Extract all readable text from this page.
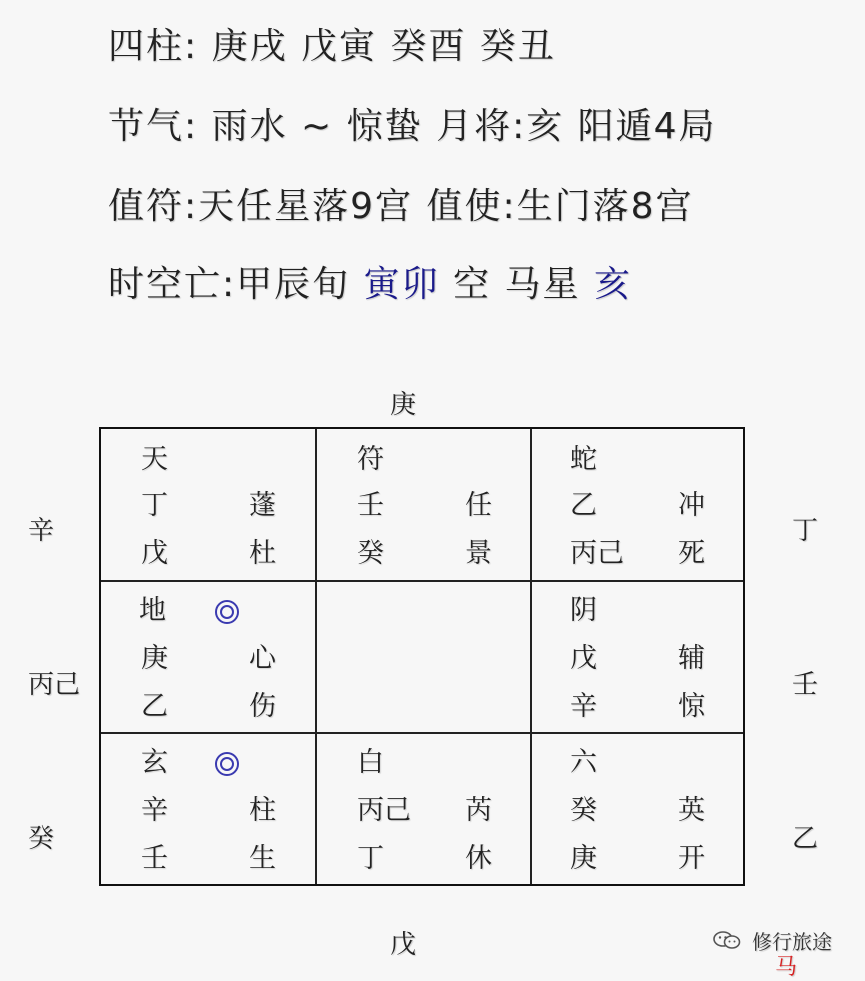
四柱: 庚戌 戊寅 癸酉 癸丑
节气: 雨水 ~ 惊蛰 月将:亥 阳遁4局
值符:天任星落9宫 值使:生门落8宫
时空亡:甲辰旬 寅卯 空 马星 亥
庚
戊
辛
丙己
癸
丁
壬
乙
天
丁	蓬
戊	杜
符
壬	任
癸	景
蛇
乙	冲
丙己 死
地
庚	心
乙	伤
阴
戊	辅
辛	惊
玄
辛	柱
壬	生
白
丙己 芮
丁	休
六
癸	英
庚	开
修行旅途
马
